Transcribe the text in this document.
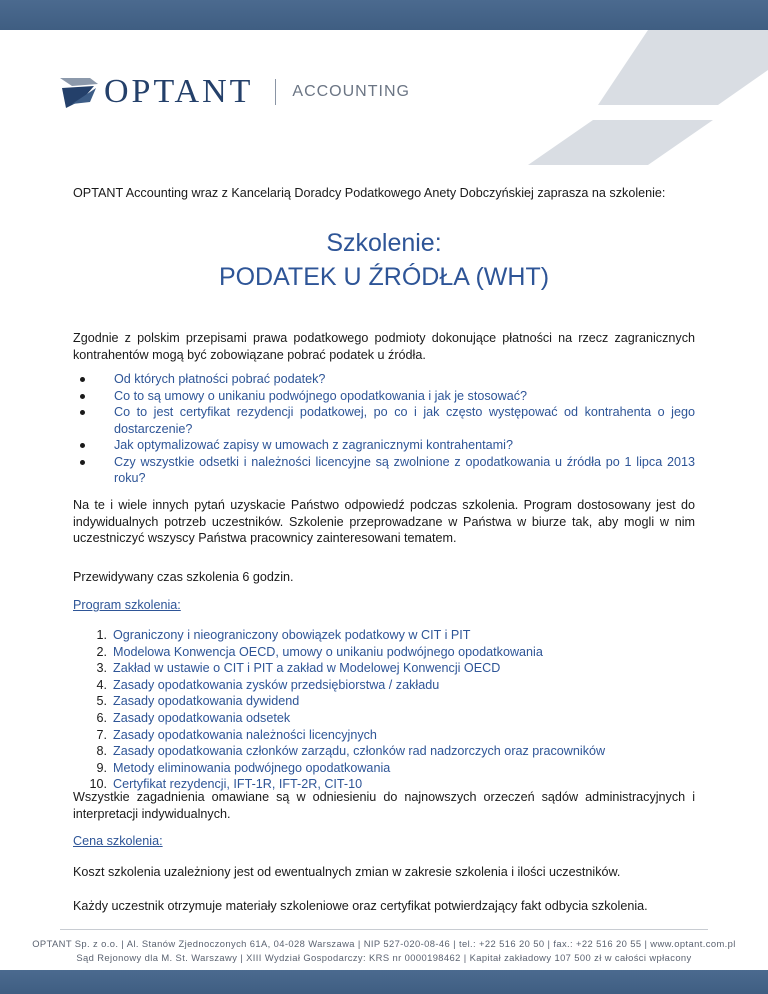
OPTANT ACCOUNTING
OPTANT Accounting wraz z Kancelarią Doradcy Podatkowego Anety Dobczyńskiej zaprasza na szkolenie:
Szkolenie:
PODATEK U ŹRÓDŁA (WHT)
Zgodnie z polskim przepisami prawa podatkowego podmioty dokonujące płatności na rzecz zagranicznych kontrahentów mogą być zobowiązane pobrać podatek u źródła.
Od których płatności pobrać podatek?
Co to są umowy o unikaniu podwójnego opodatkowania i jak je stosować?
Co to jest certyfikat rezydencji podatkowej, po co i jak często występować od kontrahenta o jego dostarczenie?
Jak optymalizować zapisy w umowach z zagranicznymi kontrahentami?
Czy wszystkie odsetki i należności licencyjne są zwolnione z opodatkowania u źródła po 1 lipca 2013 roku?
Na te i wiele innych pytań uzyskacie Państwo odpowiedź podczas szkolenia. Program dostosowany jest do indywidualnych potrzeb uczestników. Szkolenie przeprowadzane w Państwa w biurze tak, aby mogli w nim uczestniczyć wszyscy Państwa pracownicy zainteresowani tematem.
Przewidywany czas szkolenia 6 godzin.
Program szkolenia:
1. Ograniczony i nieograniczony obowiązek podatkowy w CIT i PIT
2. Modelowa Konwencja OECD, umowy o unikaniu podwójnego opodatkowania
3. Zakład w ustawie o CIT i PIT a zakład w Modelowej Konwencji OECD
4. Zasady opodatkowania zysków przedsiębiorstwa / zakładu
5. Zasady opodatkowania dywidend
6. Zasady opodatkowania odsetek
7. Zasady opodatkowania należności licencyjnych
8. Zasady opodatkowania członków zarządu, członków rad nadzorczych oraz pracowników
9. Metody eliminowania podwójnego opodatkowania
10. Certyfikat rezydencji, IFT-1R, IFT-2R, CIT-10
Wszystkie zagadnienia omawiane są w odniesieniu do najnowszych orzeczeń sądów administracyjnych i interpretacji indywidualnych.
Cena szkolenia:
Koszt szkolenia uzależniony jest od ewentualnych zmian w zakresie szkolenia i ilości uczestników.
Każdy uczestnik otrzymuje materiały szkoleniowe oraz certyfikat potwierdzający fakt odbycia szkolenia.
OPTANT Sp. z o.o. | Al. Stanów Zjednoczonych 61A, 04-028 Warszawa | NIP 527-020-08-46 | tel.: +22 516 20 50 | fax.: +22 516 20 55 | www.optant.com.pl
Sąd Rejonowy dla M. St. Warszawy | XIII Wydział Gospodarczy: KRS nr 0000198462 | Kapitał zakładowy 107 500 zł w całości wpłacony
